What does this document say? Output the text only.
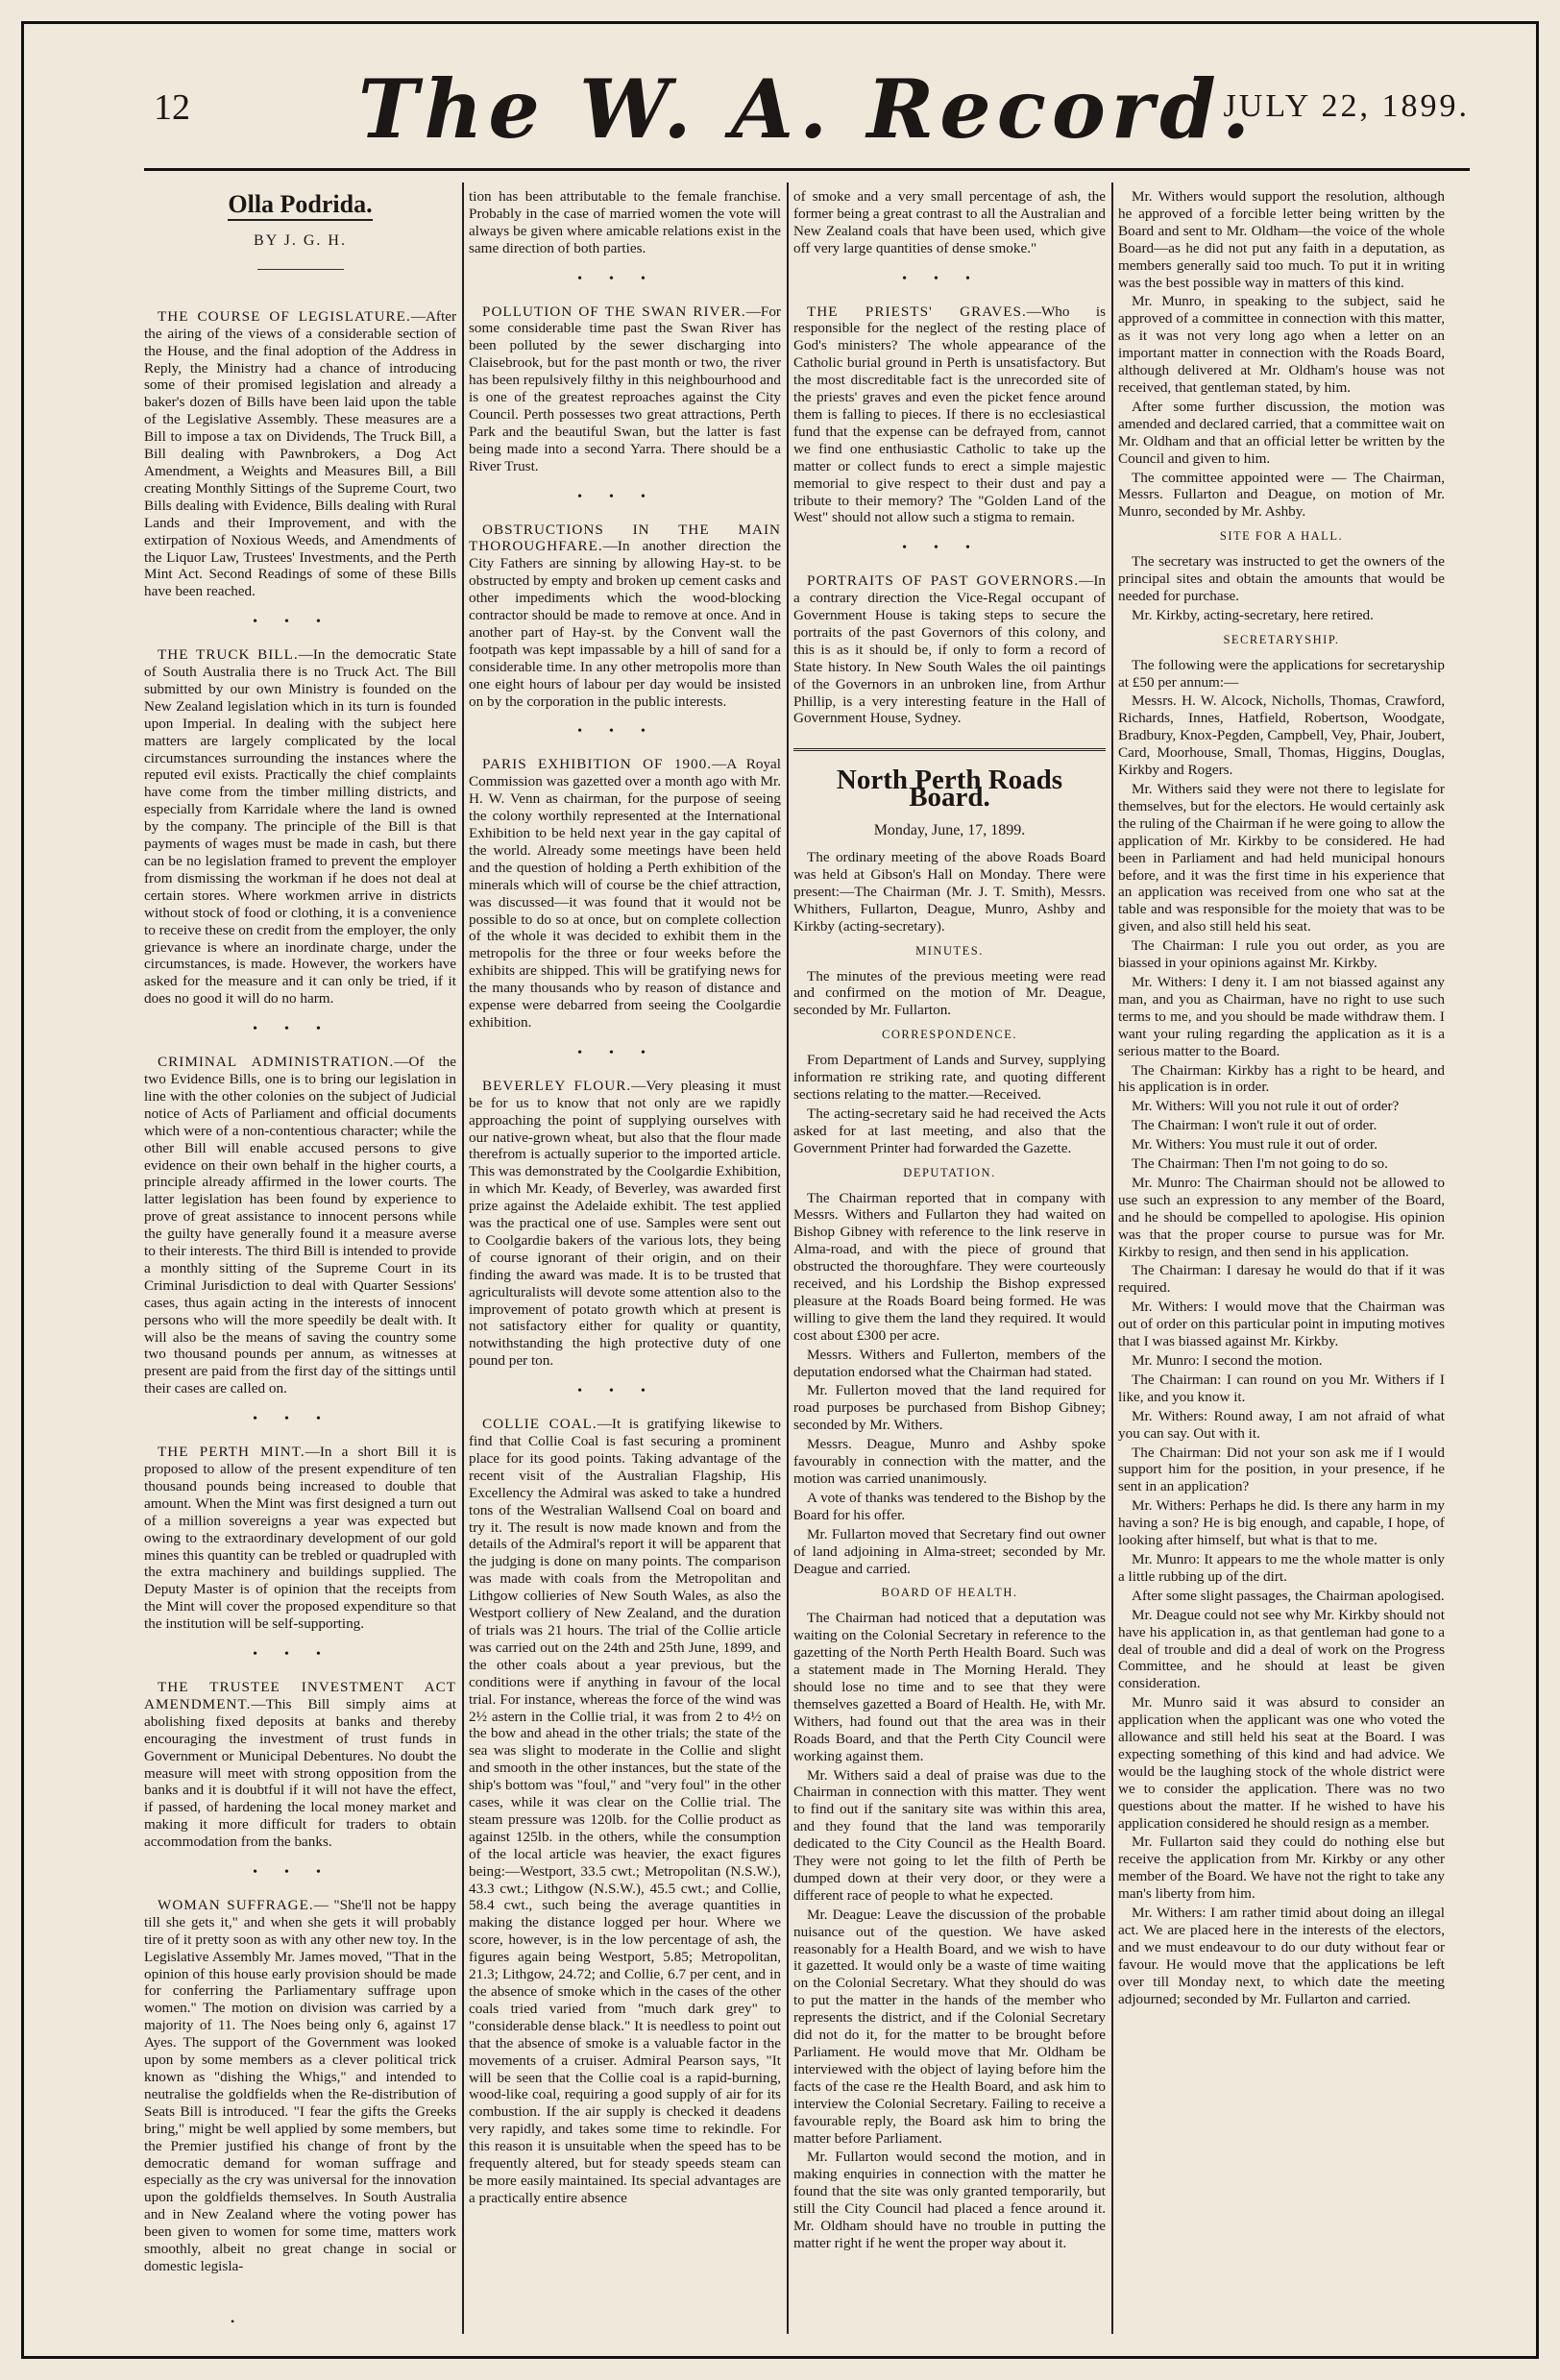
12	The W. A. Record.
JULY 22, 1899.
Olla Podrida.
BY J. G. H.

THE COURSE OF LEGISLATURE.—After the airing of the views of a considerable section of the House, and the final adoption of the Address in Reply, the Ministry had a chance of introducing some of their promised legislation and already a baker's dozen of Bills have been laid upon the table of the Legislative Assembly. These measures are a Bill to impose a tax on Dividends, The Truck Bill, a Bill dealing with Pawnbrokers, a Dog Act Amendment, a Weights and Measures Bill, a Bill creating Monthly Sittings of the Supreme Court, two Bills dealing with Evidence, Bills dealing with Rural Lands and their Improvement, and with the extirpation of Noxious Weeds, and Amendments of the Liquor Law, Trustees' Investments, and the Perth Mint Act. Second Readings of some of these Bills have been reached.

•••

THE TRUCK BILL.—In the democratic State of South Australia there is no Truck Act. The Bill submitted by our own Ministry is founded on the New Zealand legislation which in its turn is founded upon Imperial. In dealing with the subject here matters are largely complicated by the local circumstances surrounding the instances where the reputed evil exists. Practically the chief complaints have come from the timber milling districts, and especially from Karridale where the land is owned by the company. The principle of the Bill is that payments of wages must be made in cash, but there can be no legislation framed to prevent the employer from dismissing the workman if he does not deal at certain stores. Where workmen arrive in districts without stock of food or clothing, it is a convenience to receive these on credit from the employer, the only grievance is where an inordinate charge, under the circumstances, is made. However, the workers have asked for the measure and it can only be tried, if it does no good it will do no harm.

•••

CRIMINAL ADMINISTRATION.—Of the two Evidence Bills, one is to bring our legislation in line with the other colonies on the subject of Judicial notice of Acts of Parliament and official documents which were of a non-contentious character; while the other Bill will enable accused persons to give evidence on their own behalf in the higher courts, a principle already affirmed in the lower courts. The latter legislation has been found by experience to prove of great assistance to innocent persons while the guilty have generally found it a measure averse to their interests. The third Bill is intended to provide a monthly sitting of the Supreme Court in its Criminal Jurisdiction to deal with Quarter Sessions' cases, thus again acting in the interests of innocent persons who will the more speedily be dealt with. It will also be the means of saving the country some two thousand pounds per annum, as witnesses at present are paid from the first day of the sittings until their cases are called on.

•••

THE PERTH MINT.—In a short Bill it is proposed to allow of the present expenditure of ten thousand pounds being increased to double that amount. When the Mint was first designed a turn out of a million sovereigns a year was expected but owing to the extraordinary development of our gold mines this quantity can be trebled or quadrupled with the extra machinery and buildings supplied. The Deputy Master is of opinion that the receipts from the Mint will cover the proposed expenditure so that the institution will be self-supporting.

•••

THE TRUSTEE INVESTMENT ACT AMENDMENT.—This Bill simply aims at abolishing fixed deposits at banks and thereby encouraging the investment of trust funds in Government or Municipal Debentures. No doubt the measure will meet with strong opposition from the banks and it is doubtful if it will not have the effect, if passed, of hardening the local money market and making it more difficult for traders to obtain accommodation from the banks.

•••

WOMAN SUFFRAGE.— "She'll not be happy till she gets it," and when she gets it will probably tire of it pretty soon as with any other new toy. In the Legislative Assembly Mr. James moved, "That in the opinion of this house early provision should be made for conferring the Parliamentary suffrage upon women." The motion on division was carried by a majority of 11. The Noes being only 6, against 17 Ayes. The support of the Government was looked upon by some members as a clever political trick known as "dishing the Whigs," and intended to neutralise the goldfields when the Re-distribution of Seats Bill is introduced. "I fear the gifts the Greeks bring," might be well applied by some members, but the Premier justified his change of front by the democratic demand for woman suffrage and especially as the cry was universal for the innovation upon the goldfields themselves. In South Australia and in New Zealand where the voting power has been given to women for some time, matters work smoothly, albeit no great change in social or domestic legisla-

tion has been attributable to the female franchise. Probably in the case of married women the vote will always be given where amicable relations exist in the same direction of both parties.

•••

POLLUTION OF THE SWAN RIVER.—For some considerable time past the Swan River has been polluted by the sewer discharging into Claisebrook, but for the past month or two, the river has been repulsively filthy in this neighbourhood and is one of the greatest reproaches against the City Council. Perth possesses two great attractions, Perth Park and the beautiful Swan, but the latter is fast being made into a second Yarra. There should be a River Trust.

•••

OBSTRUCTIONS IN THE MAIN THOROUGHFARE.—In another direction the City Fathers are sinning by allowing Hay-st. to be obstructed by empty and broken up cement casks and other impediments which the wood-blocking contractor should be made to remove at once. And in another part of Hay-st. by the Convent wall the footpath was kept impassable by a hill of sand for a considerable time. In any other metropolis more than one eight hours of labour per day would be insisted on by the corporation in the public interests.

•••

PARIS EXHIBITION OF 1900.—A Royal Commission was gazetted over a month ago with Mr. H. W. Venn as chairman, for the purpose of seeing the colony worthily represented at the International Exhibition to be held next year in the gay capital of the world. Already some meetings have been held and the question of holding a Perth exhibition of the minerals which will of course be the chief attraction, was discussed—it was found that it would not be possible to do so at once, but on complete collection of the whole it was decided to exhibit them in the metropolis for the three or four weeks before the exhibits are shipped. This will be gratifying news for the many thousands who by reason of distance and expense were debarred from seeing the Coolgardie exhibition.

•••

BEVERLEY FLOUR.—Very pleasing it must be for us to know that not only are we rapidly approaching the point of supplying ourselves with our native-grown wheat, but also that the flour made therefrom is actually superior to the imported article. This was demonstrated by the Coolgardie Exhibition, in which Mr. Keady, of Beverley, was awarded first prize against the Adelaide exhibit. The test applied was the practical one of use. Samples were sent out to Coolgardie bakers of the various lots, they being of course ignorant of their origin, and on their finding the award was made. It is to be trusted that agriculturalists will devote some attention also to the improvement of potato growth which at present is not satisfactory either for quality or quantity, notwithstanding the high protective duty of one pound per ton.

•••

COLLIE COAL.—It is gratifying likewise to find that Collie Coal is fast securing a prominent place for its good points. Taking advantage of the recent visit of the Australian Flagship, His Excellency the Admiral was asked to take a hundred tons of the Westralian Wallsend Coal on board and try it. The result is now made known and from the details of the Admiral's report it will be apparent that the judging is done on many points. The comparison was made with coals from the Metropolitan and Lithgow collieries of New South Wales, as also the Westport colliery of New Zealand, and the duration of trials was 21 hours. The trial of the Collie article was carried out on the 24th and 25th June, 1899, and the other coals about a year previous, but the conditions were if anything in favour of the local trial. For instance, whereas the force of the wind was 2½ astern in the Collie trial, it was from 2 to 4½ on the bow and ahead in the other trials; the state of the sea was slight to moderate in the Collie and slight and smooth in the other instances, but the state of the ship's bottom was "foul," and "very foul" in the other cases, while it was clear on the Collie trial. The steam pressure was 120lb. for the Collie product as against 125lb. in the others, while the consumption of the local article was heavier, the exact figures being:—Westport, 33.5 cwt.; Metropolitan (N.S.W.), 43.3 cwt.; Lithgow (N.S.W.), 45.5 cwt.; and Collie, 58.4 cwt., such being the average quantities in making the distance logged per hour. Where we score, however, is in the low percentage of ash, the figures again being Westport, 5.85; Metropolitan, 21.3; Lithgow, 24.72; and Collie, 6.7 per cent, and in the absence of smoke which in the cases of the other coals tried varied from "much dark grey" to "considerable dense black." It is needless to point out that the absence of smoke is a valuable factor in the movements of a cruiser. Admiral Pearson says, "It will be seen that the Collie coal is a rapid-burning, wood-like coal, requiring a good supply of air for its combustion. If the air supply is checked it deadens very rapidly, and takes some time to rekindle. For this reason it is unsuitable when the speed has to be frequently altered, but for steady speeds steam can be more easily maintained. Its special advantages are a practically entire absence

of smoke and a very small percentage of ash, the former being a great contrast to all the Australian and New Zealand coals that have been used, which give off very large quantities of dense smoke."

•••

THE PRIESTS' GRAVES.—Who is responsible for the neglect of the resting place of God's ministers? The whole appearance of the Catholic burial ground in Perth is unsatisfactory. But the most discreditable fact is the unrecorded site of the priests' graves and even the picket fence around them is falling to pieces. If there is no ecclesiastical fund that the expense can be defrayed from, cannot we find one enthusiastic Catholic to take up the matter or collect funds to erect a simple majestic memorial to give respect to their dust and pay a tribute to their memory? The "Golden Land of the West" should not allow such a stigma to remain.

•••

PORTRAITS OF PAST GOVERNORS.—In a contrary direction the Vice-Regal occupant of Government House is taking steps to secure the portraits of the past Governors of this colony, and this is as it should be, if only to form a record of State history. In New South Wales the oil paintings of the Governors in an unbroken line, from Arthur Phillip, is a very interesting feature in the Hall of Government House, Sydney.

North Perth Roads Board.
Monday, June, 17, 1899.

The ordinary meeting of the above Roads Board was held at Gibson's Hall on Monday. There were present:—The Chairman (Mr. J. T. Smith), Messrs. Whithers, Fullarton, Deague, Munro, Ashby and Kirkby (acting-secretary).

MINUTES.

The minutes of the previous meeting were read and confirmed on the motion of Mr. Deague, seconded by Mr. Fullarton.

CORRESPONDENCE.

From Department of Lands and Survey, supplying information re striking rate, and quoting different sections relating to the matter.—Received.

The acting-secretary said he had received the Acts asked for at last meeting, and also that the Government Printer had forwarded the Gazette.

DEPUTATION.

The Chairman reported that in company with Messrs. Withers and Fullarton they had waited on Bishop Gibney with reference to the link reserve in Alma-road, and with the piece of ground that obstructed the thoroughfare. They were courteously received, and his Lordship the Bishop expressed pleasure at the Roads Board being formed. He was willing to give them the land they required. It would cost about £300 per acre.

Messrs. Withers and Fullerton, members of the deputation endorsed what the Chairman had stated.

Mr. Fullerton moved that the land required for road purposes be purchased from Bishop Gibney; seconded by Mr. Withers.

Messrs. Deague, Munro and Ashby spoke favourably in connection with the matter, and the motion was carried unanimously.

A vote of thanks was tendered to the Bishop by the Board for his offer.

Mr. Fullarton moved that Secretary find out owner of land adjoining in Alma-street; seconded by Mr. Deague and carried.

BOARD OF HEALTH.

The Chairman had noticed that a deputation was waiting on the Colonial Secretary in reference to the gazetting of the North Perth Health Board. Such was a statement made in The Morning Herald. They should lose no time and to see that they were themselves gazetted a Board of Health. He, with Mr. Withers, had found out that the area was in their Roads Board, and that the Perth City Council were working against them.

Mr. Withers said a deal of praise was due to the Chairman in connection with this matter. They went to find out if the sanitary site was within this area, and they found that the land was temporarily dedicated to the City Council as the Health Board. They were not going to let the filth of Perth be dumped down at their very door, or they were a different race of people to what he expected.

Mr. Deague: Leave the discussion of the probable nuisance out of the question. We have asked reasonably for a Health Board, and we wish to have it gazetted. It would only be a waste of time waiting on the Colonial Secretary. What they should do was to put the matter in the hands of the member who represents the district, and if the Colonial Secretary did not do it, for the matter to be brought before Parliament. He would move that Mr. Oldham be interviewed with the object of laying before him the facts of the case re the Health Board, and ask him to interview the Colonial Secretary. Failing to receive a favourable reply, the Board ask him to bring the matter before Parliament.

Mr. Fullarton would second the motion, and in making enquiries in connection with the matter he found that the site was only granted temporarily, but still the City Council had placed a fence around it. Mr. Oldham should have no trouble in putting the matter right if he went the proper way about it.

Mr. Withers would support the resolution, although he approved of a forcible letter being written by the Board and sent to Mr. Oldham—the voice of the whole Board—as he did not put any faith in a deputation, as members generally said too much. To put it in writing was the best possible way in matters of this kind.

Mr. Munro, in speaking to the subject, said he approved of a committee in connection with this matter, as it was not very long ago when a letter on an important matter in connection with the Roads Board, although delivered at Mr. Oldham's house was not received, that gentleman stated, by him.

After some further discussion, the motion was amended and declared carried, that a committee wait on Mr. Oldham and that an official letter be written by the Council and given to him.

The committee appointed were — The Chairman, Messrs. Fullarton and Deague, on motion of Mr. Munro, seconded by Mr. Ashby.

SITE FOR A HALL.

The secretary was instructed to get the owners of the principal sites and obtain the amounts that would be needed for purchase.

Mr. Kirkby, acting-secretary, here retired.

SECRETARYSHIP.

The following were the applications for secretaryship at £50 per annum:—

Messrs. H. W. Alcock, Nicholls, Thomas, Crawford, Richards, Innes, Hatfield, Robertson, Woodgate, Bradbury, Knox-Pegden, Campbell, Vey, Phair, Joubert, Card, Moorhouse, Small, Thomas, Higgins, Douglas, Kirkby and Rogers.

Mr. Withers said they were not there to legislate for themselves, but for the electors. He would certainly ask the ruling of the Chairman if he were going to allow the application of Mr. Kirkby to be considered. He had been in Parliament and had held municipal honours before, and it was the first time in his experience that an application was received from one who sat at the table and was responsible for the moiety that was to be given, and also still held his seat.

The Chairman: I rule you out order, as you are biassed in your opinions against Mr. Kirkby.

Mr. Withers: I deny it. I am not biassed against any man, and you as Chairman, have no right to use such terms to me, and you should be made withdraw them. I want your ruling regarding the application as it is a serious matter to the Board.

The Chairman: Kirkby has a right to be heard, and his application is in order.

Mr. Withers: Will you not rule it out of order?

The Chairman: I won't rule it out of order.

Mr. Withers: You must rule it out of order.

The Chairman: Then I'm not going to do so.

Mr. Munro: The Chairman should not be allowed to use such an expression to any member of the Board, and he should be compelled to apologise. His opinion was that the proper course to pursue was for Mr. Kirkby to resign, and then send in his application.

The Chairman: I daresay he would do that if it was required.

Mr. Withers: I would move that the Chairman was out of order on this particular point in imputing motives that I was biassed against Mr. Kirkby.

Mr. Munro: I second the motion.

The Chairman: I can round on you Mr. Withers if I like, and you know it.

Mr. Withers: Round away, I am not afraid of what you can say. Out with it.

The Chairman: Did not your son ask me if I would support him for the position, in your presence, if he sent in an application?

Mr. Withers: Perhaps he did. Is there any harm in my having a son? He is big enough, and capable, I hope, of looking after himself, but what is that to me.

Mr. Munro: It appears to me the whole matter is only a little rubbing up of the dirt.

After some slight passages, the Chairman apologised.

Mr. Deague could not see why Mr. Kirkby should not have his application in, as that gentleman had gone to a deal of trouble and did a deal of work on the Progress Committee, and he should at least be given consideration.

Mr. Munro said it was absurd to consider an application when the applicant was one who voted the allowance and still held his seat at the Board. I was expecting something of this kind and had advice. We would be the laughing stock of the whole district were we to consider the application. There was no two questions about the matter. If he wished to have his application considered he should resign as a member.

Mr. Fullarton said they could do nothing else but receive the application from Mr. Kirkby or any other member of the Board. We have not the right to take any man's liberty from him.

Mr. Withers: I am rather timid about doing an illegal act. We are placed here in the interests of the electors, and we must endeavour to do our duty without fear or favour. He would move that the applications be left over till Monday next, to which date the meeting adjourned; seconded by Mr. Fullarton and carried.

•
